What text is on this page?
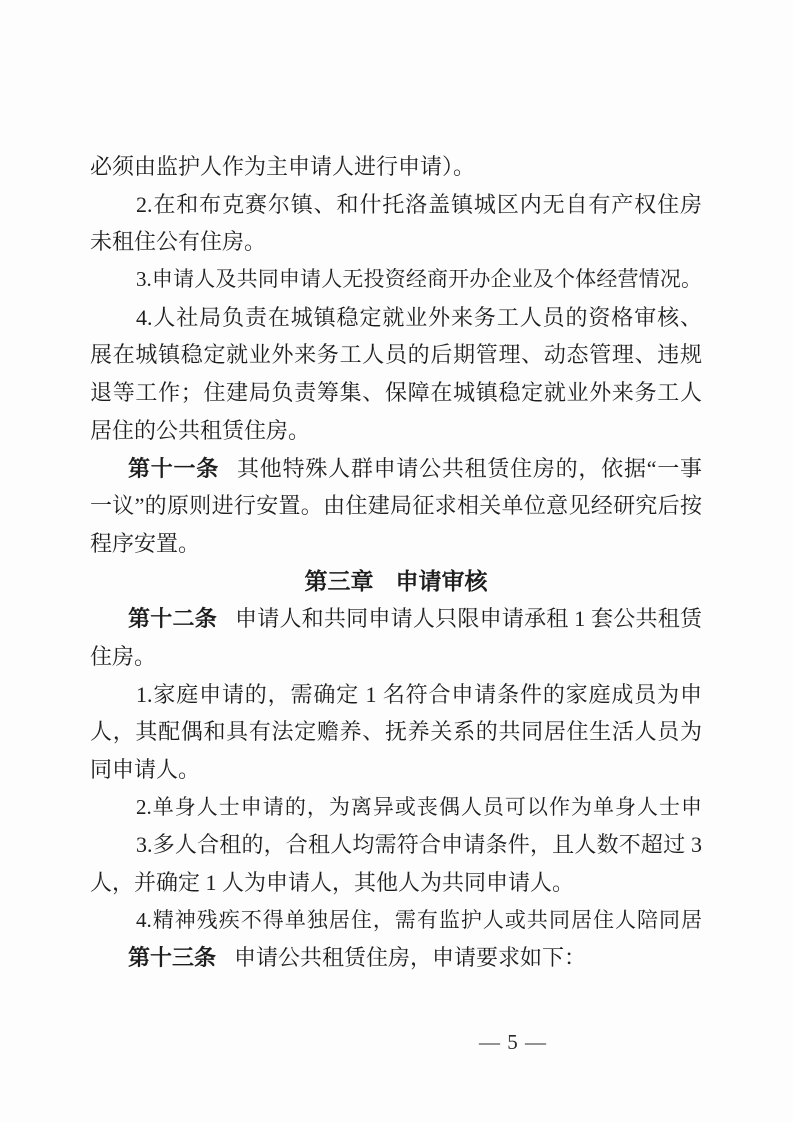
必须由监护人作为主申请人进行申请）。
2.在和布克赛尔镇、和什托洛盖镇城区内无自有产权住房
未租住公有住房。
3.申请人及共同申请人无投资经商开办企业及个体经营情况。
4.人社局负责在城镇稳定就业外来务工人员的资格审核、
展在城镇稳定就业外来务工人员的后期管理、动态管理、违规
退等工作；住建局负责筹集、保障在城镇稳定就业外来务工人
居住的公共租赁住房。
第十一条 其他特殊人群申请公共租赁住房的，依据“一事
一议”的原则进行安置。由住建局征求相关单位意见经研究后按
程序安置。
第三章 申请审核
第十二条 申请人和共同申请人只限申请承租 1 套公共租赁
住房。
1.家庭申请的，需确定 1 名符合申请条件的家庭成员为申
人，其配偶和具有法定赡养、抚养关系的共同居住生活人员为
同申请人。
2.单身人士申请的，为离异或丧偶人员可以作为单身人士申
3.多人合租的，合租人均需符合申请条件，且人数不超过 3
人，并确定 1 人为申请人，其他人为共同申请人。
4.精神残疾不得单独居住，需有监护人或共同居住人陪同居
第十三条 申请公共租赁住房，申请要求如下：
— 5 —
